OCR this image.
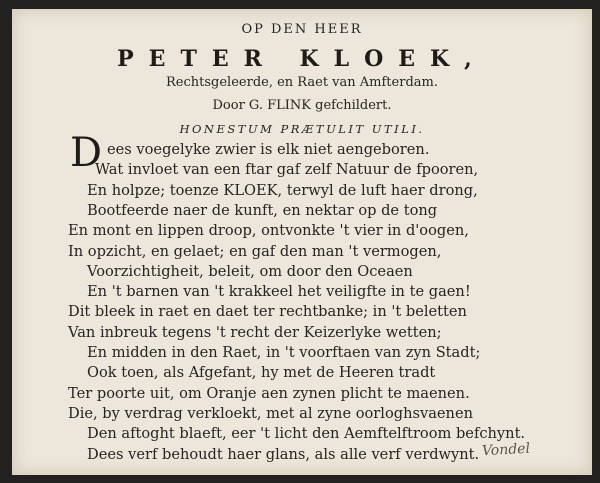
OP DEN HEER
PETER KLOEK,
Rechtsgeleerde, en Raet van Amfterdam.
Door G. FLINK gefchildert.
HONESTUM PRÆTULIT UTILI.
D ees voegelyke zwier is elk niet aengeboren.
Wat invloet van een ftar gaf zelf Natuur de fpooren,
En holpze; toenze KLOEK, terwyl de luft haer drong,
Bootfeerde naer de kunft, en nektar op de tong
En mont en lippen droop, ontvonkte 't vier in d'oogen,
In opzicht, en gelaet; en gaf den man 't vermogen,
Voorzichtigheit, beleit, om door den Oceaen
En 't barnen van 't krakkeel het veiligfte in te gaen!
Dit bleek in raet en daet ter rechtbanke; in 't beletten
Van inbreuk tegens 't recht der Keizerlyke wetten;
En midden in den Raet, in 't voorftaen van zyn Stadt;
Ook toen, als Afgefant, hy met de Heeren tradt
Ter poorte uit, om Oranje aen zynen plicht te maenen.
Die, by verdrag verkloekt, met al zyne oorloghsvaenen
Den aftoght blaeft, eer 't licht den Aemftelftroom befchynt.
Dees verf behoudt haer glans, als alle verf verdwynt. Vondel
